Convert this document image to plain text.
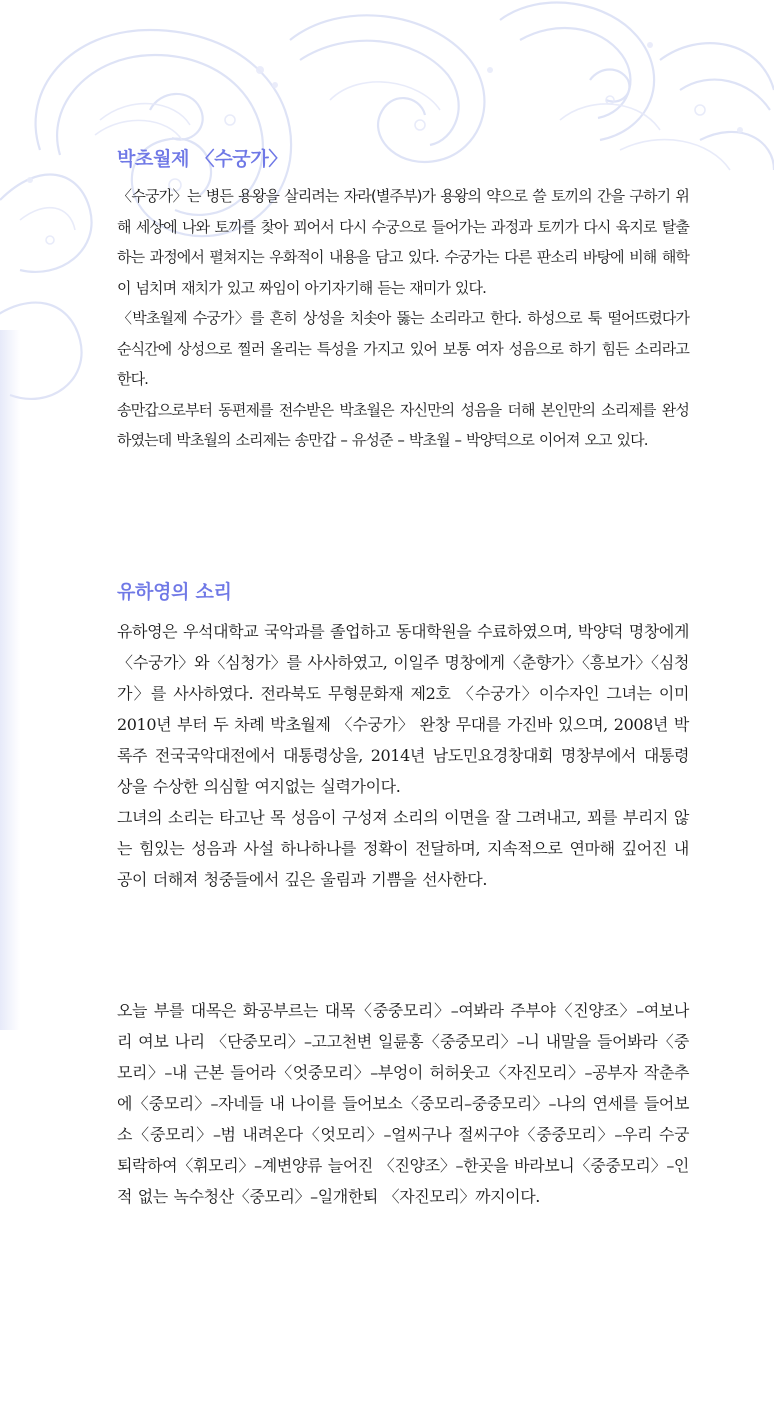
박초월제 〈수궁가〉

〈수궁가〉는 병든 용왕을 살리려는 자라(별주부)가 용왕의 약으로 쓸 토끼의 간을 구하기 위해 세상에 나와 토끼를 찾아 꾀어서 다시 수궁으로 들어가는 과정과 토끼가 다시 육지로 탈출하는 과정에서 펼쳐지는 우화적이 내용을 담고 있다. 수궁가는 다른 판소리 바탕에 비해 해학이 넘치며 재치가 있고 짜임이 아기자기해 듣는 재미가 있다.

〈박초월제 수궁가〉를 흔히 상성을 치솟아 뚫는 소리라고 한다. 하성으로 툭 떨어뜨렸다가 순식간에 상성으로 찔러 올리는 특성을 가지고 있어 보통 여자 성음으로 하기 힘든 소리라고 한다.

송만갑으로부터 동편제를 전수받은 박초월은 자신만의 성음을 더해 본인만의 소리제를 완성하였는데 박초월의 소리제는 송만갑 – 유성준 – 박초월 – 박양덕으로 이어져 오고 있다.

유하영의 소리

유하영은 우석대학교 국악과를 졸업하고 동대학원을 수료하였으며, 박양덕 명창에게 〈수궁가〉와〈심청가〉를 사사하였고, 이일주 명창에게〈춘향가〉〈흥보가〉〈심청가〉를 사사하였다. 전라북도 무형문화재 제2호 〈수궁가〉이수자인 그녀는 이미 2010년 부터 두 차례 박초월제 〈수궁가〉 완창 무대를 가진바 있으며, 2008년 박록주 전국국악대전에서 대통령상을, 2014년 남도민요경창대회 명창부에서 대통령상을 수상한 의심할 여지없는 실력가이다.

그녀의 소리는 타고난 목 성음이 구성져 소리의 이면을 잘 그려내고, 꾀를 부리지 않는 힘있는 성음과 사설 하나하나를 정확이 전달하며, 지속적으로 연마해 깊어진 내공이 더해져 청중들에서 깊은 울림과 기쁨을 선사한다.

오늘 부를 대목은 화공부르는 대목〈중중모리〉–여봐라 주부야〈진양조〉–여보나리 여보 나리 〈단중모리〉–고고천변 일륜홍〈중중모리〉–니 내말을 들어봐라〈중모리〉–내 근본 들어라〈엇중모리〉–부엉이 허허웃고〈자진모리〉–공부자 작춘추에〈중모리〉–자네들 내 나이를 들어보소〈중모리–중중모리〉–나의 연세를 들어보소〈중모리〉–범 내려온다〈엇모리〉–얼씨구나 절씨구야〈중중모리〉–우리 수궁 퇴락하여〈휘모리〉–계변양류 늘어진 〈진양조〉–한곳을 바라보니〈중중모리〉–인적 없는 녹수청산〈중모리〉–일개한퇴 〈자진모리〉까지이다.
